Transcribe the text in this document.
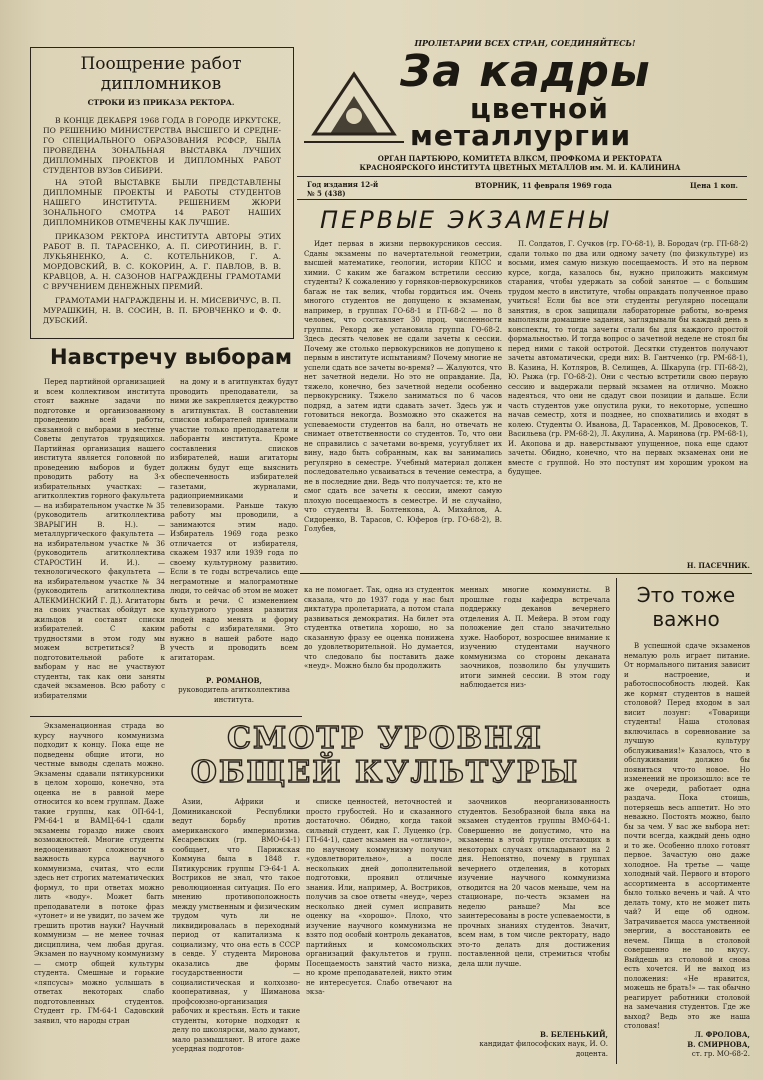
Поощрение работ дипломников
СТРОКИ ИЗ ПРИКАЗА РЕКТОРА.
В КОНЦЕ ДЕКАБРЯ 1968 ГОДА В ГОРОДЕ ИРКУТСКЕ, ПО РЕШЕНИЮ МИНИСТЕРСТВА ВЫСШЕГО И СРЕДНЕ-ГО СПЕЦИАЛЬНОГО ОБРАЗОВАНИЯ РСФСР, БЫЛА ПРОВЕДЕНА ЗОНАЛЬНАЯ ВЫСТАВКА ЛУЧШИХ ДИПЛОМНЫХ ПРОЕКТОВ И ДИПЛОМНЫХ РАБОТ СТУДЕНТОВ ВУЗов СИБИРИ.
НА ЭТОЙ ВЫСТАВКЕ БЫЛИ ПРЕДСТАВЛЕНЫ ДИПЛОМНЫЕ ПРОЕКТЫ И РАБОТЫ СТУДЕНТОВ НАШЕГО ИНСТИТУТА. РЕШЕНИЕМ ЖЮРИ ЗОНАЛЬНОГО СМОТРА 14 РАБОТ НАШИХ ДИПЛОМНИКОВ ОТМЕЧЕНЫ КАК ЛУЧШИЕ.
ПРИКАЗОМ РЕКТОРА ИНСТИТУТА АВТОРЫ ЭТИХ РАБОТ В. П. ТАРАСЕНКО, А. П. СИРОТИНИН, В. Г. ЛУКЬЯНЕНКО, А. С. КОТЕЛЬНИКОВ, Г. А. МОРДОВСКИЙ, В. С. КОКОРИН, А. Г. ПАВЛОВ, В. В. КРАВЦОВ, А. Н. САЗОНОВ НАГРАЖДЕНЫ ГРАМОТАМИ С ВРУЧЕНИЕМ ДЕНЕЖНЫХ ПРЕМИЙ.
ГРАМОТАМИ НАГРАЖДЕНЫ И. Н. МИСЕВИЧУС, В. П. МУРАШКИН, Н. В. СОСИН, В. П. БРОВЧЕНКО и Ф. Ф. ДУБСКИЙ.
ПРОЛЕТАРИИ ВСЕХ СТРАН, СОЕДИНЯЙТЕСЬ!
За кадры
цветной
металлургии
ОРГАН ПАРТБЮРО, КОМИТЕТА ВЛКСМ, ПРОФКОМА И РЕКТОРАТА
КРАСНОЯРСКОГО ИНСТИТУТА ЦВЕТНЫХ МЕТАЛЛОВ им. М. И. КАЛИНИНА
Год издания 12-й
№ 5 (438)
ВТОРНИК, 11 февраля 1969 года	Цена 1 коп.
ПЕРВЫЕ ЭКЗАМЕНЫ
Идет первая в жизни первокурсников сессия. Сданы экзамены по начертательной геометрии, высшей математике, геологии, истории КПСС и химии. С каким же багажом встретили сессию студенты? К сожалению у горняков-первокурсников багаж не так велик, чтобы гордиться им. Очень многого студентов не допущено к экзаменам, например, в группах ГО-68-1 и ГП-68-2 — по 8 человек, что составляет 30 проц. численности группы. Рекорд же установила группа ГО-68-2. Здесь десять человек не сдали зачеты к сессии. Почему же столько первокурсников не допущено к первым в институте испытаниям? Почему многие не успели сдать все зачеты во-время? — Жалуются, что нет зачетной недели. Но это не оправдание. Да, тяжело, конечно, без зачетной недели особенно первокурснику. Тяжело заниматься по 6 часов подряд, а затем идти сдавать зачет. Здесь уж и готовиться некогда. Возможно это скажется на успеваемости студентов на балл, но отвечать не снимает ответственности со студентов. То, что они не справились с зачетами во-время, усугубляет их вину, надо быть собранным, как вы занимались регулярно в семестре. Учебный материал должен последовательно усваиваться в течение семестра, а не в последние дни. Ведь что получается: те, кто не смог сдать все зачеты к сессии, имеют самую плохую посещаемость в семестре. И не случайно, что студенты В. Болтенкова, А. Михайлов, А. Сидоренко, В. Тарасов, С. Юферов (гр. ГО-68-2), В. Голубев,
П. Солдатов, Г. Сучков (гр. ГО-68-1), В. Бородач (гр. ГП-68-2) сдали только по два или одному зачету (по физкультуре) из восьми, имея самую низкую посещаемость. И это на первом курсе, когда, казалось бы, нужно приложить максимум старания, чтобы удержать за собой занятое — с большим трудом место в институте, чтобы оправдать полученное право учиться! Если бы все эти студенты регулярно посещали занятия, в срок защищали лабораторные работы, во-время выполняли домашние задания, заглядывали бы каждый день в конспекты, то тогда зачеты стали бы для каждого простой формальностью. И тогда вопрос о зачетной неделе не стоял бы перед ними с такой остротой. Десятки студентов получают зачеты автоматически, среди них: В. Гантченко (гр. РМ-68-1), В. Казина, Н. Котляров, В. Селищев, А. Шкарупа (гр. ГП-68-2), Ю. Рыжа (гр. ГО-68-2). Они с честью встретили свою первую сессию и выдержали первый экзамен на отлично. Можно надеяться, что они не сдадут свои позиции и дальше. Если часть студентов уже опустила руки, то некоторые, успешно начав семестр, хотя и позднее, но спохватились и входят в колею. Студенты О. Иванова, Д. Тарасенков, М. Дровосеков, Т. Васильева (гр. РМ-68-2), Л. Акулина, А. Маринова (гр. РМ-68-1), И. Акопова и др. наверстывают упущенное, пока еще сдают зачеты. Обидно, конечно, что на первых экзаменах они не вместе с группой. Но это поступят им хорошим уроком на будущее.
Н. ПАСЕЧНИК.
Навстречу выборам
Перед партийной организацией и всем коллективом института стоят важные задачи по подготовке и организованному проведению всей работы, связанной с выборами в местные Советы депутатов трудящихся. Партийная организация нашего института является головной по проведению выборов и будет проводить работу на 3-х избирательных участках: — агитколлектив горного факультета — на избирательном участке № 35 (руководитель агитколлектива ЗВАРЫГИН В. Н.). — металлургического факультета — на избирательном участке № 36 (руководитель агитколлектива СТАРОСТИН И. И.). — технологического факультета — на избирательном участке № 34 (руководитель агитколлектива АЛЕКМИНСКИЙ Г. Д.). Агитаторы на своих участках обойдут все жильцов и составят списки избирателей. С каким трудностями в этом году мы можем встретиться? В подготовительной работе к выборам у нас не участвуют студенты, так как они заняты сдачей экзаменов. Всю работу с избирателями
на дому и в агитпунктах будут проводить преподаватели, за ними же закрепляется дежурство в агитпунктах. В составлении списков избирателей принимали участие только преподаватели и лаборанты института. Кроме составления списков избирателей, наши агитаторы должны будут еще выяснить обеспеченность избирателей газетами, журналами, радиоприемниками и телевизорами. Раньше такую работу мы проводили, а занимаются этим надо. Избиратель 1969 года резко отличается от избирателя, скажем 1937 или 1939 года по своему культурному развитию. Если в те годы встречались еще неграмотные и малограмотные люди, то сейчас об этом не может быть и речи. С изменением культурного уровня развития людей надо менять и форму работы с избирателями. Это нужно в нашей работе надо учесть и проводить всем агитаторам.
Р. РОМАНОВ,
руководитель агитколлектива института.
ка не помогает. Так, одна из студенток сказала, что до 1937 года у нас был диктатура пролетариата, а потом стала развиваться демократия. На билет эта студентка ответила хорошо, но за сказанную фразу ее оценка понижена до удовлетворительной. Но думается, что следовало бы поставить даже «неуд». Можно было бы продолжить
менных многие коммунисты. В прошлые годы кафедра встречала поддержку деканов вечернего отделения А. П. Мейера. В этом году положение дел стало значительно хуже. Наоборот, возросшее внимание к изучению студентами научного коммунизма со стороны деканата заочников, позволило бы улучшить итоги зимней сессии. В этом году наблюдается низ-
Это тоже
важно
В успешной сдаче экзаменов немалую роль играет питание. От нормального питания зависит и настроение, и работоспособность людей. Как же кормят студентов в нашей столовой? Перед входом в зал висит лозунг: «Товарищи студенты! Наша столовая включилась в соревнование за лучшую культуру обслуживания!» Казалось, что в обслуживании должно бы появиться что-то новое. Но изменений не произошло: все те же очереди, работает одна раздача. Пока стоишь, потеряешь весь аппетит. Но это неважно. Постоять можно, было бы за чем. У вас же выбора нет: почти всегда, каждый день одно и то же. Особенно плохо готовят первое. Зачастую оно даже холодное. На третье — чаще холодный чай. Первого и второго ассортимента в ассортименте было только вечень и чай. А что делать тому, кто не может пить чай? И еще об одном. Затрачивается масса умственной энергии, а восстановить ее нечем. Пища в столовой совершенно не по вкусу. Выйдешь из столовой и снова есть хочется. И не выход из положения: «Не нравится, можешь не брать!» — так обычно реагирует работники столовой на замечания студентов. Где же выход? Ведь это же наша столовая!
Л. ФРОЛОВА,
В. СМИРНОВА,
ст. гр. МО-68-2.
СМОТР УРОВНЯ
ОБЩЕЙ КУЛЬТУРЫ
Экзаменационная страда во курсу научного коммунизма подходит к концу. Пока еще не подведены общие итоги, но честные выводы сделать можно. Экзамены сдавали пятикурсники в целом хорошо, конечно, эта оценка не в равной мере относится ко всем группам. Даже такие группы, как ОП-64-1, РМ-64-1 и ВАМЦ-64-1 сдали экзамены гораздо ниже своих возможностей. Многие студенты недооценивают сложности в важность курса научного коммунизма, считая, что если здесь нет строгих математических формул, то при ответах можно лить «воду». Может быть преподаватели в потоке фраз «утонет» и не увидит, по зачем же грешить против науки? Научный коммунизм — не менее точная дисциплина, чем любая другая. Экзамен по научному коммунизму — смотр общей культуры студента. Смешные и горькие «ляпсусы» можно услышать в ответах некоторых слабо подготовленных студентов. Студент гр. ГМ-64-1 Садовский заявил, что народы стран
Азии, Африки и Доминиканской Республики ведут борьбу против американского империализма. Кесаревских (гр. ВМО-64-1) сообщает, что Парижская Коммуна была в 1848 г. Пятикурсник группы ГЭ-64-1 А. Востриков не знал, что такое революционная ситуация. По его мнению противоположность между умственным и физическим трудом чуть ли не ликвидировалась в переходный период от капитализма к социализму, что она есть в СССР в севде. У студента Мироновa оказались две формы государственности — социалистическая и колхозно-кооперативная, у Шиманова профсоюзно-организация рабочих и крестьян. Есть и такие студенты, которые подходят к делу по школярски, мало думают, мало размышляют. В итоге даже усердная подготов-
списке ценностей, неточностей и просто грубостей. Но и сказанного достаточно. Обидно, когда такой сильный студент, как Г. Луценко (гр. ГП-64-1), сдает экзамен на «отлично», по научному коммунизму получил «удовлетворительно», а после нескольких дней дополнительной подготовки, проявил отличные знания. Или, например, А. Востриков, получив за свое ответы «неуд», через несколько дней сумел исправить оценку на «хорошо». Плохо, что изучение научного коммунизма не взято под особый контроль деканатов, партийных и комсомольских организаций факультетов и групп. Посещаемость занятий часто низка, но кроме преподавателей, никто этим не интересуется. Слабо отвечают на экза-
заочников неорганизованность студентов. Безобразной была явка на экзамен студентов группы ВМО-64-1. Совершенно не допустимо, что на экзамены в этой группе отстающих в некоторых случаях откладывают на 2 дня. Непонятно, почему в группах вечернего отделения, в которых изучение научного коммунизма отводится на 20 часов меньше, чем на стационаре, по-честь экзамен на неделю раньше? Мы все заинтересованы в росте успеваемости, в прочных знаниях студентов. Значит, всем нам, в том числе ректорату, надо это-то делать для достижения поставленной цели, стремиться чтобы дела шли лучше.
В. БЕЛЕНЬКИЙ,
кандидат философских наук, И. О. доцента.
